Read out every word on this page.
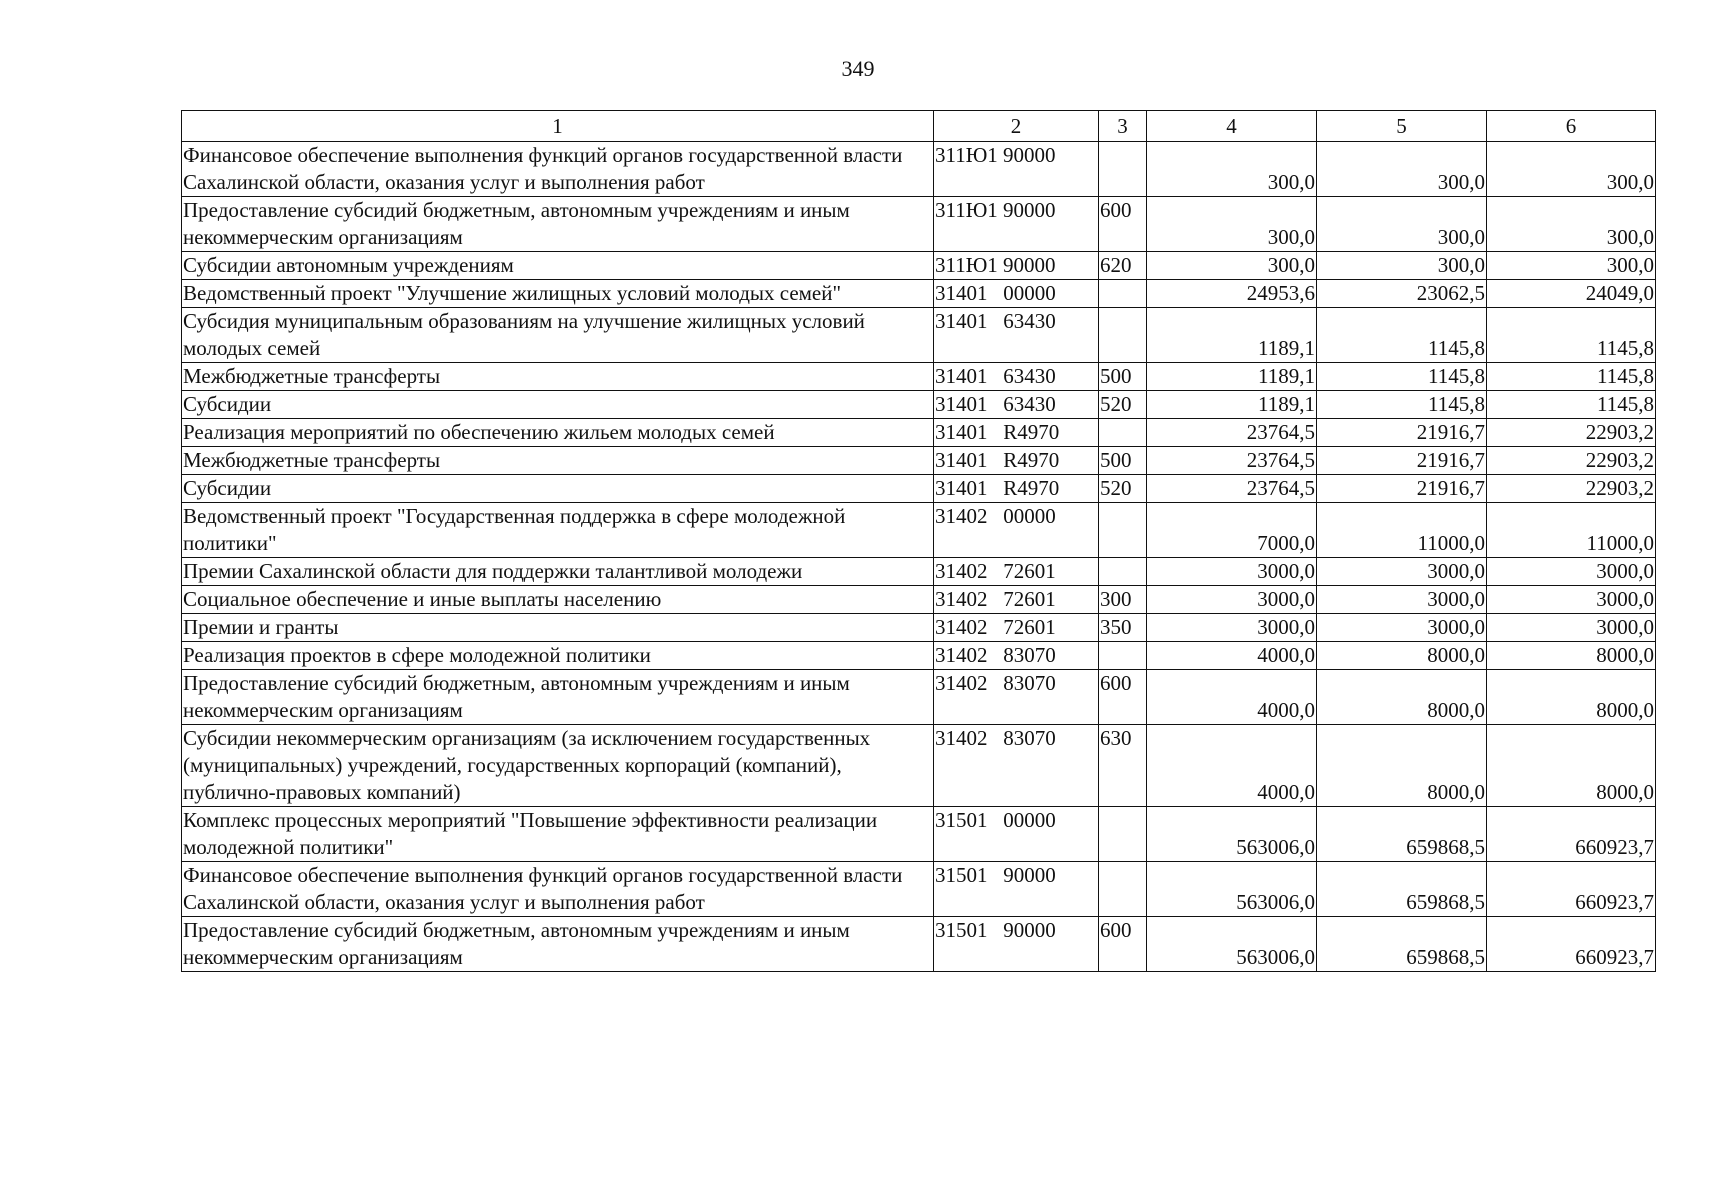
349
1	2	3	4	5	6
Финансовое обеспечение выполнения функций органов государственной власти Сахалинской области, оказания услуг и выполнения работ	311Ю1 90000		300,0	300,0	300,0
Предоставление субсидий бюджетным, автономным учреждениям и иным некоммерческим организациям	311Ю1 90000	600	300,0	300,0	300,0
Субсидии автономным учреждениям	311Ю1 90000	620	300,0	300,0	300,0
Ведомственный проект "Улучшение жилищных условий молодых семей"	31401   00000		24953,6	23062,5	24049,0
Субсидия муниципальным образованиям на улучшение жилищных условий молодых семей	31401   63430		1189,1	1145,8	1145,8
Межбюджетные трансферты	31401   63430	500	1189,1	1145,8	1145,8
Субсидии	31401   63430	520	1189,1	1145,8	1145,8
Реализация мероприятий по обеспечению жильем молодых семей	31401   R4970		23764,5	21916,7	22903,2
Межбюджетные трансферты	31401   R4970	500	23764,5	21916,7	22903,2
Субсидии	31401   R4970	520	23764,5	21916,7	22903,2
Ведомственный проект "Государственная поддержка в сфере молодежной политики"	31402   00000		7000,0	11000,0	11000,0
Премии Сахалинской области для поддержки талантливой молодежи	31402   72601		3000,0	3000,0	3000,0
Социальное обеспечение и иные выплаты населению	31402   72601	300	3000,0	3000,0	3000,0
Премии и гранты	31402   72601	350	3000,0	3000,0	3000,0
Реализация проектов в сфере молодежной политики	31402   83070		4000,0	8000,0	8000,0
Предоставление субсидий бюджетным, автономным учреждениям и иным некоммерческим организациям	31402   83070	600	4000,0	8000,0	8000,0
Субсидии некоммерческим организациям (за исключением государственных (муниципальных) учреждений, государственных корпораций (компаний), публично-правовых компаний)	31402   83070	630	4000,0	8000,0	8000,0
Комплекс процессных мероприятий "Повышение эффективности реализации молодежной политики"	31501   00000		563006,0	659868,5	660923,7
Финансовое обеспечение выполнения функций органов государственной власти Сахалинской области, оказания услуг и выполнения работ	31501   90000		563006,0	659868,5	660923,7
Предоставление субсидий бюджетным, автономным учреждениям и иным некоммерческим организациям	31501   90000	600	563006,0	659868,5	660923,7
